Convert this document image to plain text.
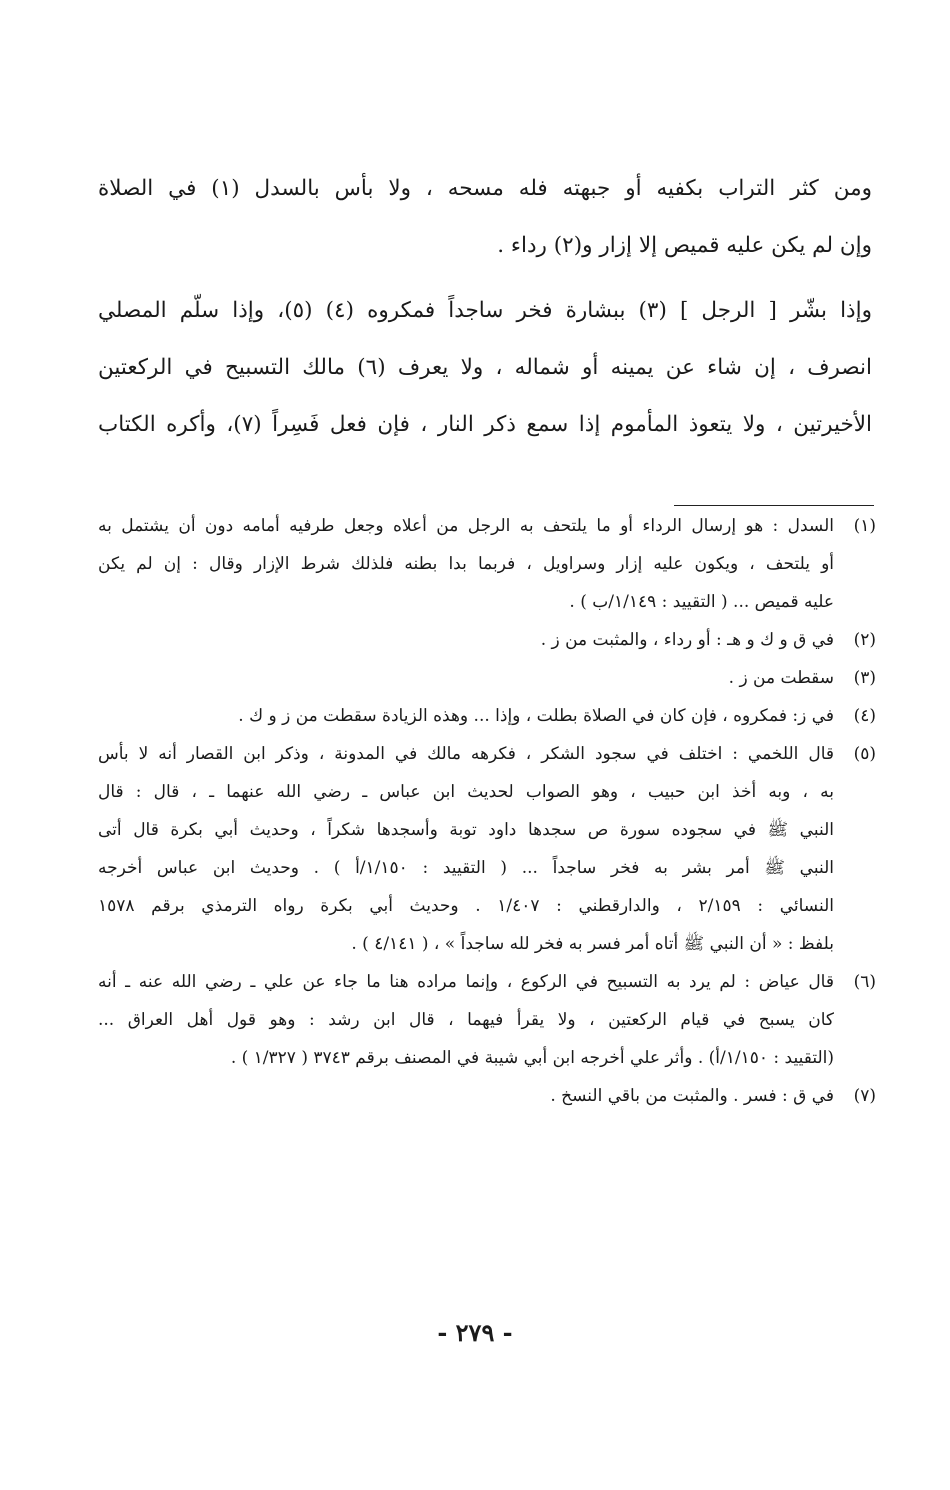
ومن كثر التراب بكفيه أو جبهته فله مسحه ، ولا بأس بالسدل (١) في الصلاة
وإن لم يكن عليه قميص إلا إزار و(٢) رداء .

وإذا بشّر [ الرجل ] (٣) ببشارة فخر ساجداً فمكروه (٤) (٥)، وإذا سلّم المصلي
انصرف ، إن شاء عن يمينه أو شماله ، ولا يعرف (٦) مالك التسبيح في الركعتين
الأخيرتين ، ولا يتعوذ المأموم إذا سمع ذكر النار ، فإن فعل فَسِراً (٧)، وأكره الكتاب

(١)
السدل : هو إرسال الرداء أو ما يلتحف به الرجل من أعلاه وجعل طرفيه أمامه دون أن يشتمل به
أو يلتحف ، ويكون عليه إزار وسراويل ، فربما بدا بطنه فلذلك شرط الإزار وقال : إن لم يكن
عليه قميص ... ( التقييد : ١/١٤٩/ب ) .
(٢)
في ق و ك و هـ : أو رداء ، والمثبت من ز .
(٣)
سقطت من ز .
(٤)
في ز: فمكروه ، فإن كان في الصلاة بطلت ، وإذا ... وهذه الزيادة سقطت من ز و ك .
(٥)
قال اللخمي : اختلف في سجود الشكر ، فكرهه مالك في المدونة ، وذكر ابن القصار أنه لا بأس
به ، وبه أخذ ابن حبيب ، وهو الصواب لحديث ابن عباس ـ رضي الله عنهما ـ ، قال : قال
النبي ﷺ في سجوده سورة ص سجدها داود توبة وأسجدها شكراً ، وحديث أبي بكرة قال أتى
النبي ﷺ أمر بشر به فخر ساجداً ... ( التقييد : ١/١٥٠/أ ) . وحديث ابن عباس أخرجه
النسائي : ٢/١٥٩ ، والدارقطني : ١/٤٠٧ . وحديث أبي بكرة رواه الترمذي برقم ١٥٧٨
بلفظ : « أن النبي ﷺ أتاه أمر فسر به فخر لله ساجداً » ، ( ٤/١٤١ ) .
(٦)
قال عياض : لم يرد به التسبيح في الركوع ، وإنما مراده هنا ما جاء عن علي ـ رضي الله عنه ـ أنه
كان يسبح في قيام الركعتين ، ولا يقرأ فيهما ، قال ابن رشد : وهو قول أهل العراق ...
(التقييد : ١/١٥٠/أ) . وأثر علي أخرجه ابن أبي شيبة في المصنف برقم ٣٧٤٣ ( ١/٣٢٧ ) .
(٧)
في ق : فسر . والمثبت من باقي النسخ .
- ٢٧٩ -
